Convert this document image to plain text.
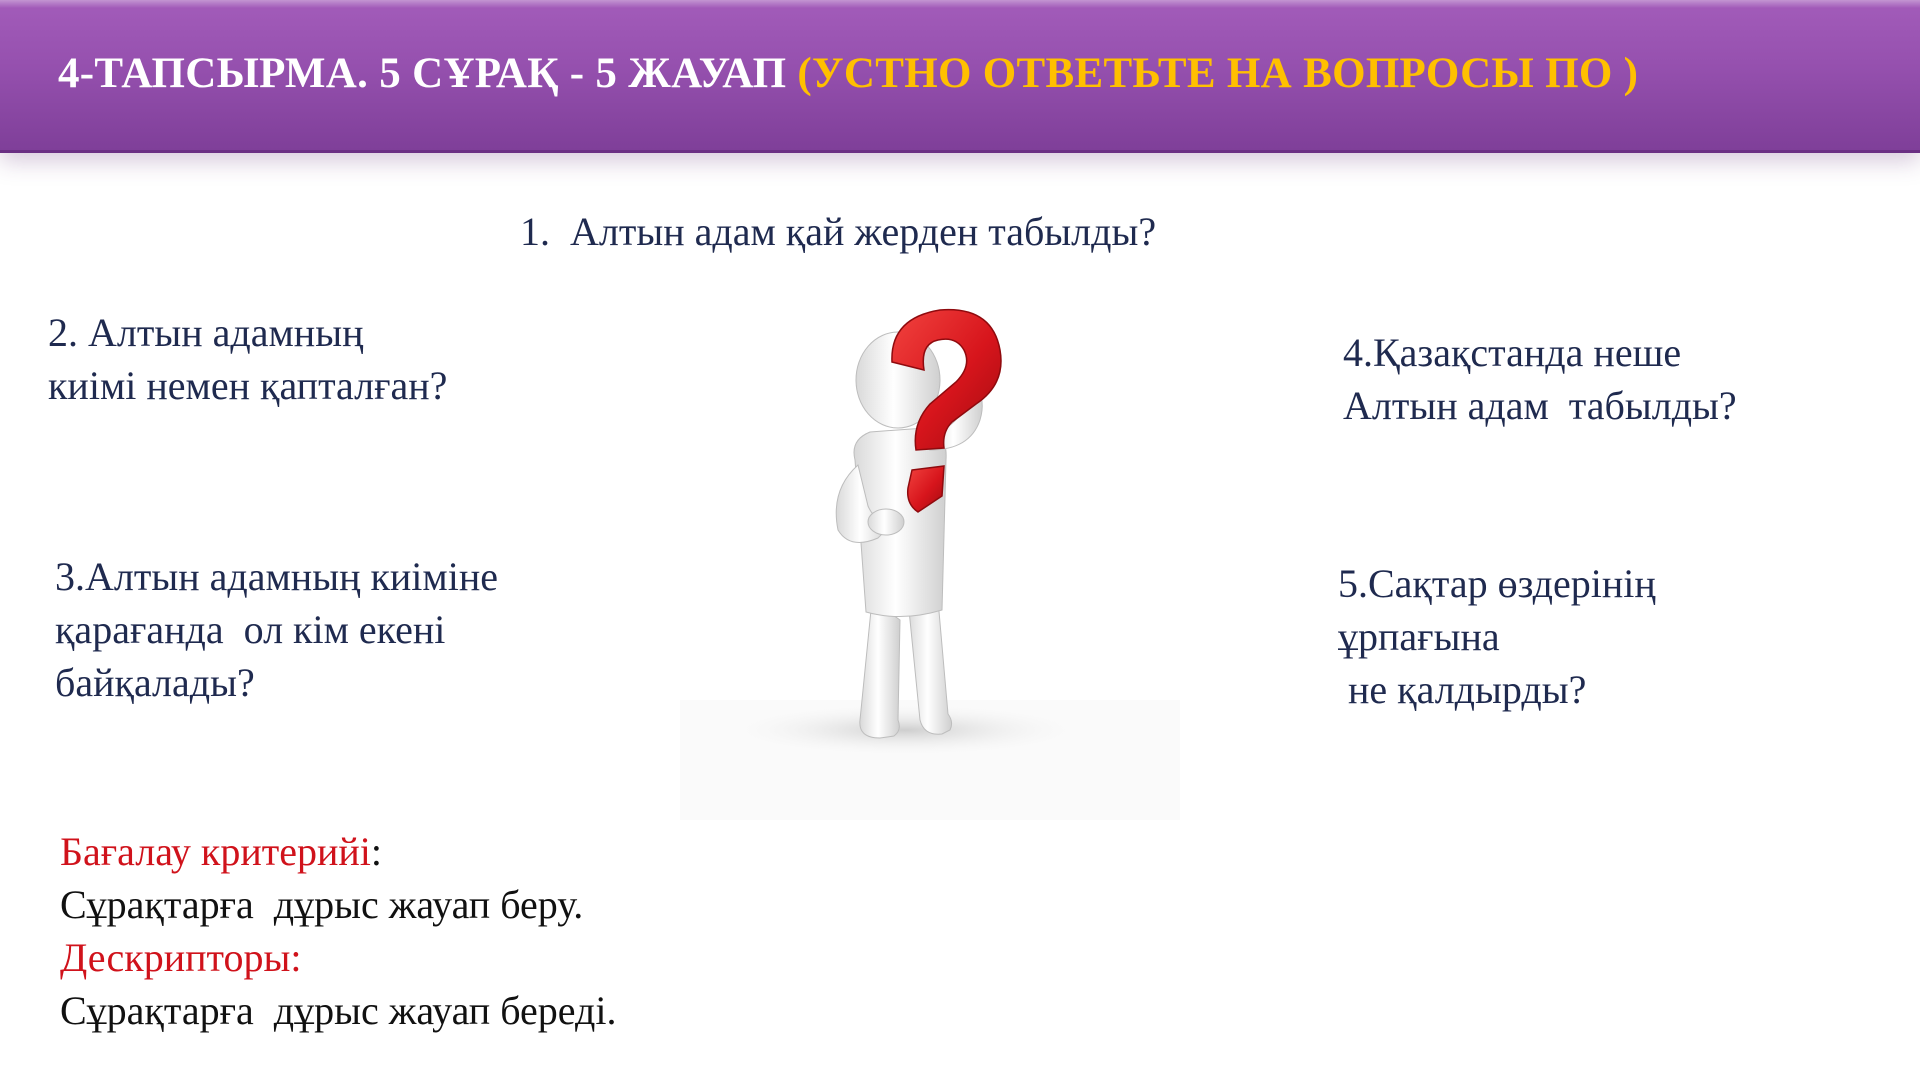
4-ТАПСЫРМА. 5 СҰРАҚ - 5 ЖАУАП (УСТНО ОТВЕТЬТЕ НА ВОПРОСЫ ПО )

1.  Алтын адам қай жерден табылды?

2. Алтын адамның
киімі немен қапталған?

3.Алтын адамның киіміне
қарағанда  ол кім екені
байқалады?

4.Қазақстанда неше
Алтын адам  табылды?

5.Сақтар өздерінің
ұрпағына
не қалдырды?

Бағалау критерийі:
Сұрақтарға  дұрыс жауап беру.
Дескрипторы:
Сұрақтарға  дұрыс жауап береді.
